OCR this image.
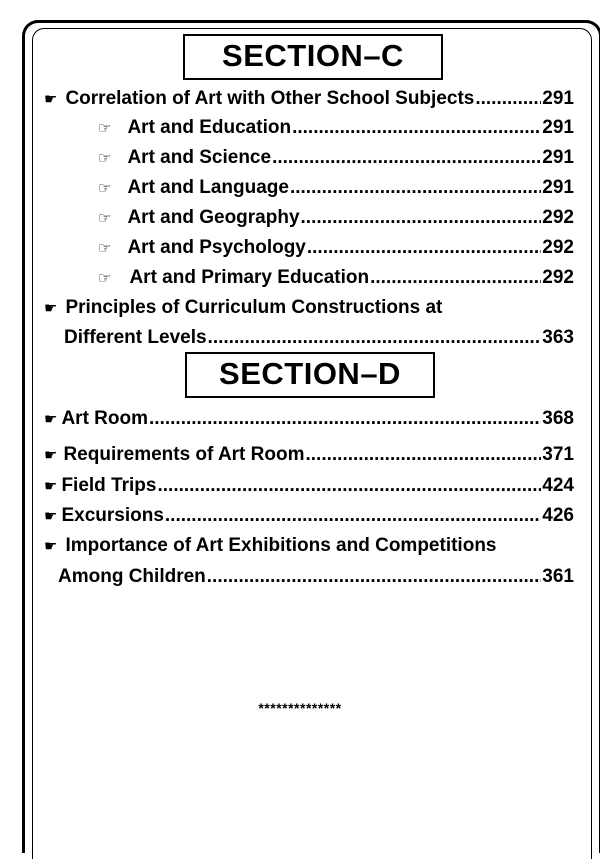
SECTION–C
☛ Correlation of Art with Other School Subjects .....	291
☞ Art and Education .....	291
☞ Art and Science .....	291
☞ Art and Language .....	291
☞ Art and Geography .....	292
☞ Art and Psychology .....	292
☞ Art and Primary Education .....	292
☛ Principles of Curriculum Constructions at
Different Levels .....	363
SECTION–D
☛ Art Room .....	368
☛ Requirements of Art Room .....	371
☛ Field Trips .....	424
☛ Excursions .....	426
☛ Importance of Art Exhibitions and Competitions
Among Children .....	361
**************
